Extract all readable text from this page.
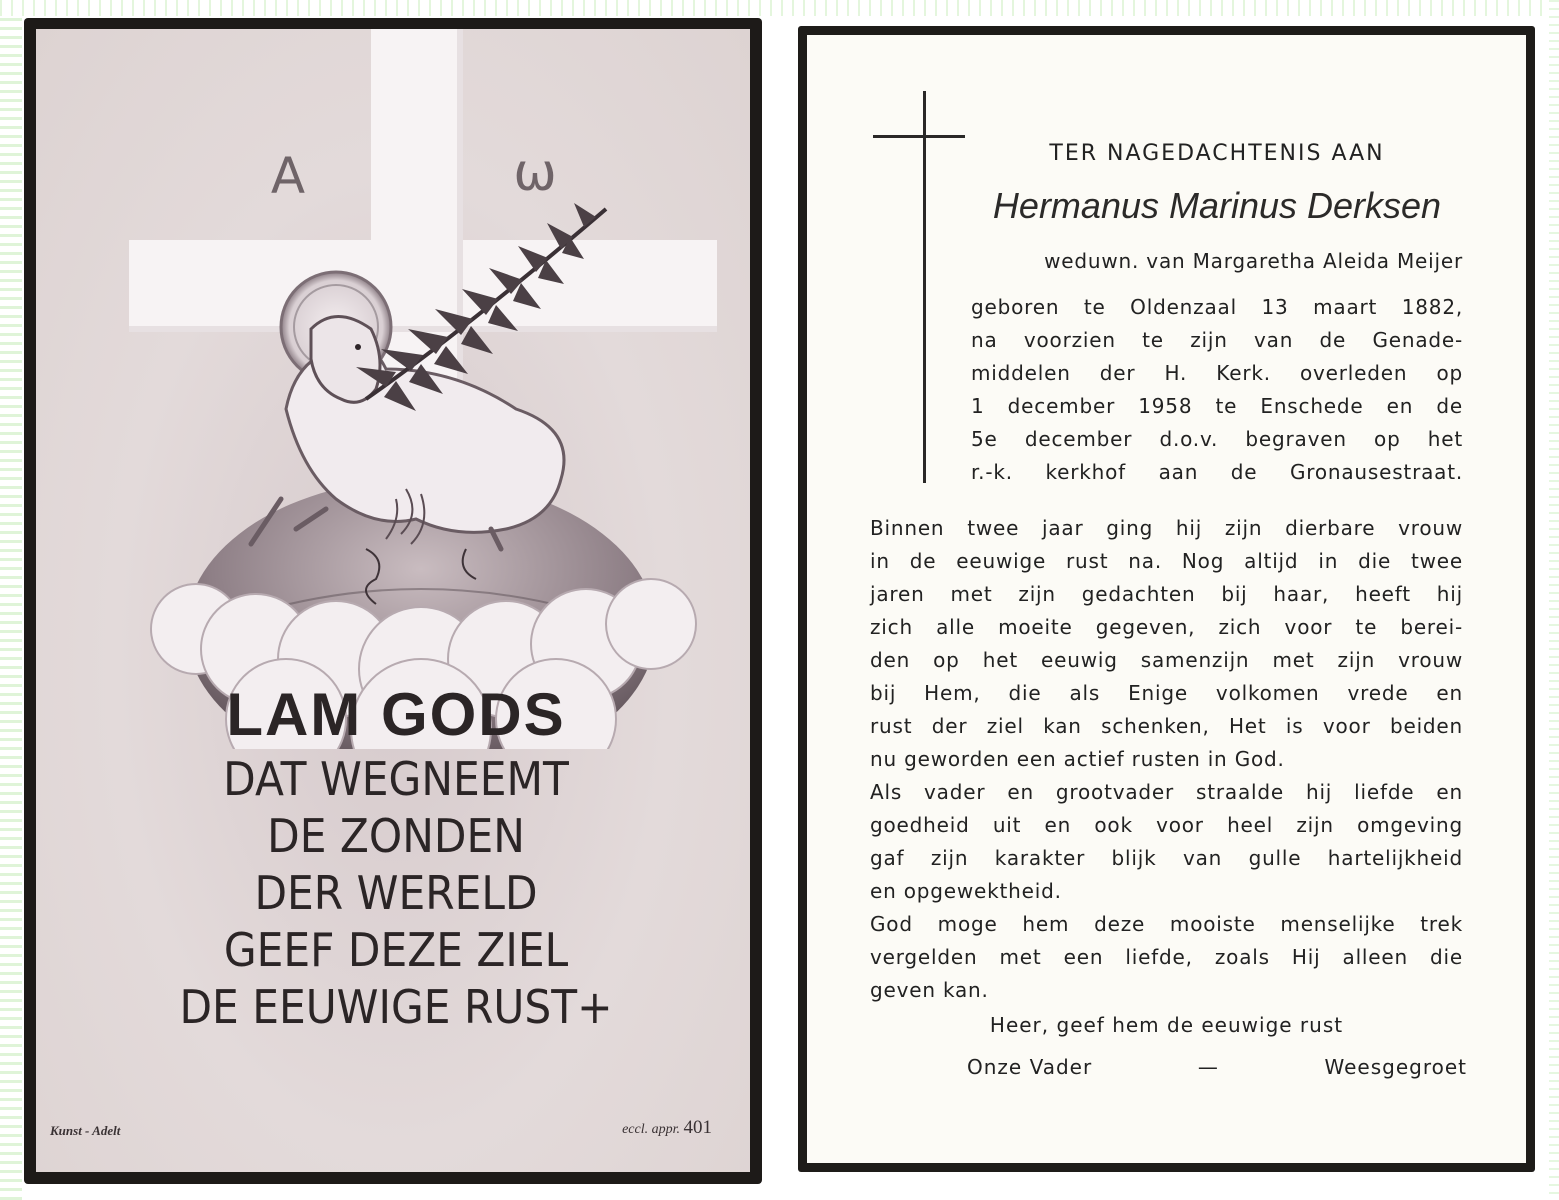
A	ω
LAM GODS
DAT WEGNEEMT
DE ZONDEN
DER WERELD
GEEF DEZE ZIEL
DE EEUWIGE RUST+
Kunst - Adelt	eccl. appr. 401
TER NAGEDACHTENIS AAN
Hermanus Marinus Derksen
weduwn. van Margaretha Aleida Meijer
geboren te Oldenzaal 13 maart 1882,
na voorzien te zijn van de Genade-
middelen der H. Kerk. overleden op
1 december 1958 te Enschede en de
5e december d.o.v. begraven op het
r.-k. kerkhof aan de Gronausestraat.
Binnen twee jaar ging hij zijn dierbare vrouw
in de eeuwige rust na. Nog altijd in die twee
jaren met zijn gedachten bij haar, heeft hij
zich alle moeite gegeven, zich voor te berei-
den op het eeuwig samenzijn met zijn vrouw
bij Hem, die als Enige volkomen vrede en
rust der ziel kan schenken, Het is voor beiden
nu geworden een actief rusten in God.
Als vader en grootvader straalde hij liefde en
goedheid uit en ook voor heel zijn omgeving
gaf zijn karakter blijk van gulle hartelijkheid
en opgewektheid.
God moge hem deze mooiste menselijke trek
vergelden met een liefde, zoals Hij alleen die
geven kan.
Heer, geef hem de eeuwige rust
Onze Vader	—	Weesgegroet
